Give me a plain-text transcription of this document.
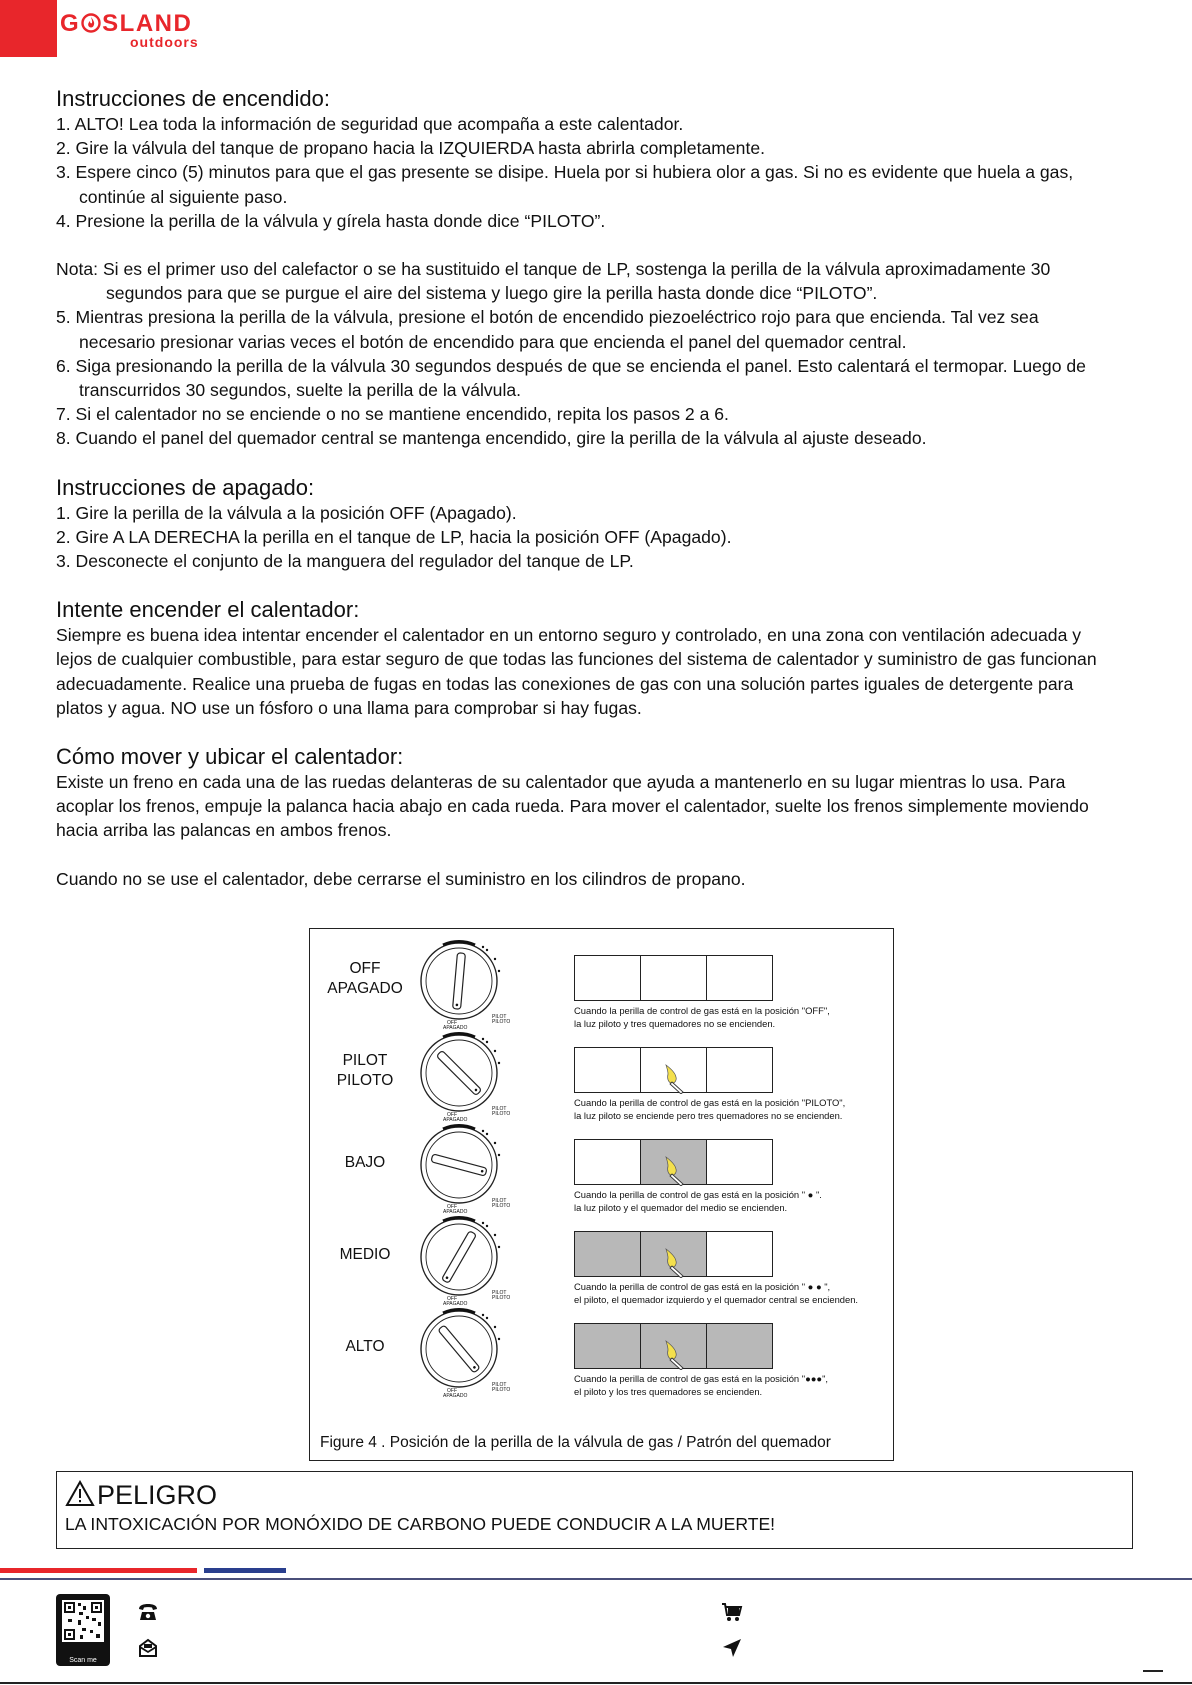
G SLAND
outdoors
Instrucciones de encendido:

1. ALTO! Lea toda la información de seguridad que acompaña a este calentador.

2. Gire la válvula del tanque de propano hacia la IZQUIERDA hasta abrirla completamente.

3. Espere cinco (5) minutos para que el gas presente se disipe. Huela por si hubiera olor a gas. Si no es evidente que huela a gas, continúe al siguiente paso.

4. Presione la perilla de la válvula y gírela hasta donde dice “PILOTO”.

Nota: Si es el primer uso del calefactor o se ha sustituido el tanque de LP, sostenga la perilla de la válvula aproximadamente 30 segundos para que se purgue el aire del sistema y luego gire la perilla hasta donde dice “PILOTO”.

5. Mientras presiona la perilla de la válvula, presione el botón de encendido piezoeléctrico rojo para que encienda. Tal vez sea necesario presionar varias veces el botón de encendido para que encienda el panel del quemador central.

6. Siga presionando la perilla de la válvula 30 segundos después de que se encienda el panel. Esto calentará el termopar. Luego de transcurridos 30 segundos, suelte la perilla de la válvula.

7. Si el calentador no se enciende o no se mantiene encendido, repita los pasos 2 a 6.

8. Cuando el panel del quemador central se mantenga encendido, gire la perilla de la válvula al ajuste deseado.

Instrucciones de apagado:

1. Gire la perilla de la válvula a la posición OFF (Apagado).

2. Gire A LA DERECHA la perilla en el tanque de LP, hacia la posición OFF (Apagado).

3. Desconecte el conjunto de la manguera del regulador del tanque de LP.

Intente encender el calentador:

Siempre es buena idea intentar encender el calentador en un entorno seguro y controlado, en una zona con ventilación adecuada y lejos de cualquier combustible, para estar seguro de que todas las funciones del sistema de calentador y suministro de gas funcionan adecuadamente. Realice una prueba de fugas en todas las conexiones de gas con una solución partes iguales de detergente para platos y agua. NO use un fósforo o una llama para comprobar si hay fugas.

Cómo mover y ubicar el calentador:

Existe un freno en cada una de las ruedas delanteras de su calentador que ayuda a mantenerlo en su lugar mientras lo usa. Para acoplar los frenos, empuje la palanca hacia abajo en cada rueda. Para mover el calentador, suelte los frenos simplemente moviendo hacia arriba las palancas en ambos frenos.

Cuando no se use el calentador, debe cerrarse el suministro en los cilindros de propano.

Figure 4 . Posición de la perilla de la válvula de gas / Patrón del quemador
OFF
APAGADO
OFF
APAGADO
PILOT
PILOTO
Cuando la perilla de control de gas está en la posición "OFF",
la luz piloto y tres quemadores no se encienden.
PILOT
PILOTO
OFF
APAGADO
PILOT
PILOTO
Cuando la perilla de control de gas está en la posición "PILOTO",
la luz piloto se enciende pero tres quemadores no se encienden.
BAJO
OFF
APAGADO
PILOT
PILOTO
Cuando la perilla de control de gas está en la posición " ● ".
la luz piloto y el quemador del medio se encienden.
MEDIO
OFF
APAGADO
PILOT
PILOTO
Cuando la perilla de control de gas está en la posición " ● ● ",
el piloto, el quemador izquierdo y el quemador central se encienden.
ALTO
OFF
APAGADO
PILOT
PILOTO
Cuando la perilla de control de gas está en la posición "●●●",
el piloto y los tres quemadores se encienden.
PELIGRO
LA INTOXICACIÓN POR MONÓXIDO DE CARBONO PUEDE CONDUCIR A LA MUERTE!
Scan me
